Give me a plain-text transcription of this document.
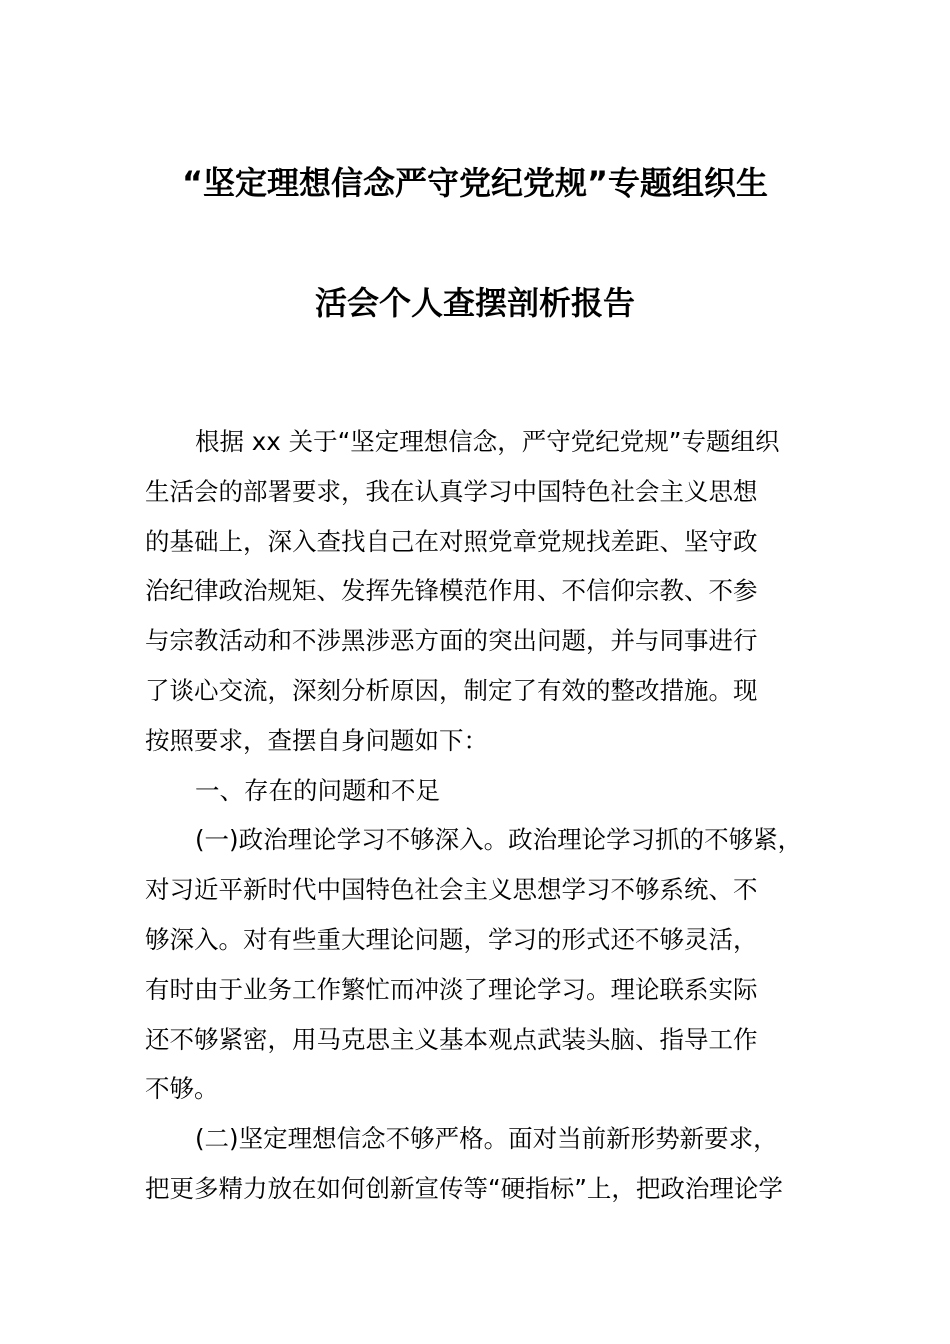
“坚定理想信念严守党纪党规”专题组织生
活会个人查摆剖析报告
根据 xx 关于“坚定理想信念，严守党纪党规”专题组织
生活会的部署要求，我在认真学习中国特色社会主义思想
的基础上，深入查找自己在对照党章党规找差距、坚守政
治纪律政治规矩、发挥先锋模范作用、不信仰宗教、不参
与宗教活动和不涉黑涉恶方面的突出问题，并与同事进行
了谈心交流，深刻分析原因，制定了有效的整改措施。现
按照要求，查摆自身问题如下：
一、存在的问题和不足
(一)政治理论学习不够深入。政治理论学习抓的不够紧，
对习近平新时代中国特色社会主义思想学习不够系统、不
够深入。对有些重大理论问题，学习的形式还不够灵活，
有时由于业务工作繁忙而冲淡了理论学习。理论联系实际
还不够紧密，用马克思主义基本观点武装头脑、指导工作
不够。
(二)坚定理想信念不够严格。面对当前新形势新要求，
把更多精力放在如何创新宣传等“硬指标”上，把政治理论学
